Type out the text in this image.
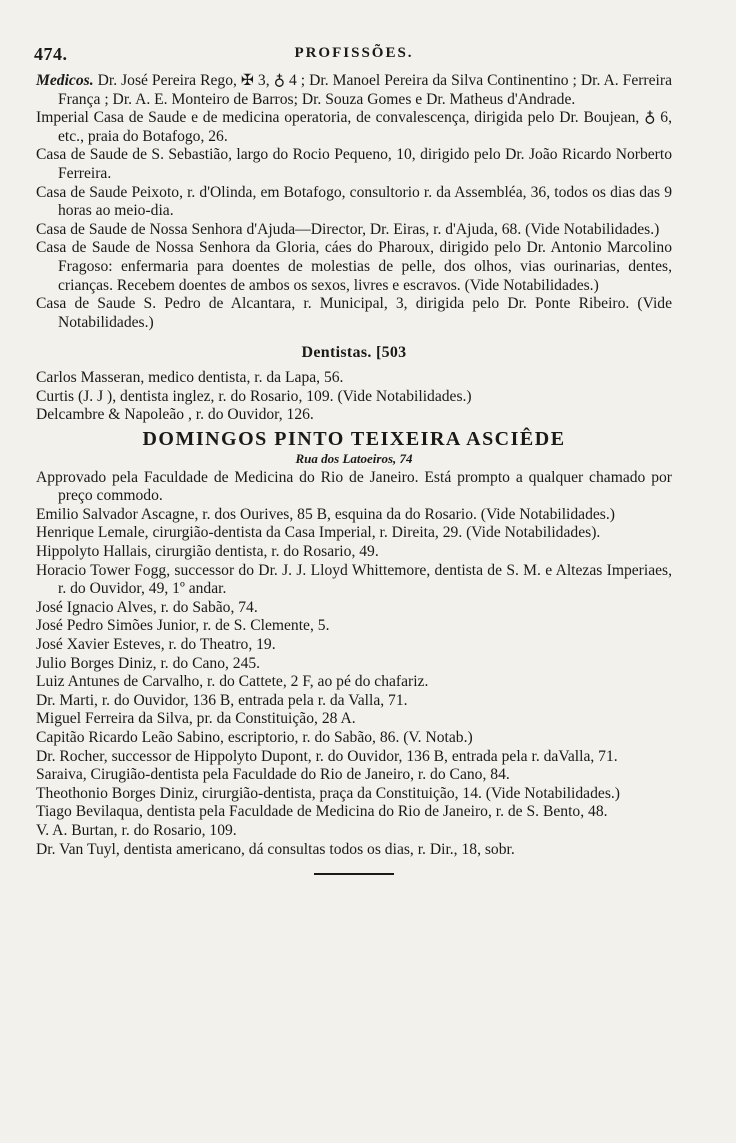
474.	PROFISSÕES.

Medicos. Dr. José Pereira Rego, ✠ 3, ♁ 4 ; Dr. Manoel Pereira da Silva Continentino ; Dr. A. Ferreira França ; Dr. A. E. Monteiro de Barros; Dr. Souza Gomes e Dr. Matheus d'Andrade.

Imperial Casa de Saude e de medicina operatoria, de convalescença, dirigida pelo Dr. Boujean, ♁ 6, etc., praia do Botafogo, 26.

Casa de Saude de S. Sebastião, largo do Rocio Pequeno, 10, dirigido pelo Dr. João Ricardo Norberto Ferreira.

Casa de Saude Peixoto, r. d'Olinda, em Botafogo, consultorio r. da Assembléa, 36, todos os dias das 9 horas ao meio-dia.

Casa de Saude de Nossa Senhora d'Ajuda—Director, Dr. Eiras, r. d'Ajuda, 68. (Vide Notabilidades.)

Casa de Saude de Nossa Senhora da Gloria, cáes do Pharoux, dirigido pelo Dr. Antonio Marcolino Fragoso: enfermaria para doentes de molestias de pelle, dos olhos, vias ourinarias, dentes, crianças. Recebem doentes de ambos os sexos, livres e escravos. (Vide Notabilidades.)

Casa de Saude S. Pedro de Alcantara, r. Municipal, 3, dirigida pelo Dr. Ponte Ribeiro. (Vide Notabilidades.)

Dentistas. [503

Carlos Masseran, medico dentista, r. da Lapa, 56.

Curtis (J. J ), dentista inglez, r. do Rosario, 109. (Vide Notabilidades.)

Delcambre & Napoleão , r. do Ouvidor, 126.

DOMINGOS PINTO TEIXEIRA ASCIÊDE
Rua dos Latoeiros, 74

Approvado pela Faculdade de Medicina do Rio de Janeiro. Está prompto a qualquer chamado por preço commodo.

Emilio Salvador Ascagne, r. dos Ourives, 85 B, esquina da do Rosario. (Vide Notabilidades.)

Henrique Lemale, cirurgião-dentista da Casa Imperial, r. Direita, 29. (Vide Notabilidades).

Hippolyto Hallais, cirurgião dentista, r. do Rosario, 49.

Horacio Tower Fogg, successor do Dr. J. J. Lloyd Whittemore, dentista de S. M. e Altezas Imperiaes, r. do Ouvidor, 49, 1º andar.

José Ignacio Alves, r. do Sabão, 74.

José Pedro Simões Junior, r. de S. Clemente, 5.

José Xavier Esteves, r. do Theatro, 19.

Julio Borges Diniz, r. do Cano, 245.

Luiz Antunes de Carvalho, r. do Cattete, 2 F, ao pé do chafariz.

Dr. Marti, r. do Ouvidor, 136 B, entrada pela r. da Valla, 71.

Miguel Ferreira da Silva, pr. da Constituição, 28 A.

Capitão Ricardo Leão Sabino, escriptorio, r. do Sabão, 86. (V. Notab.)

Dr. Rocher, successor de Hippolyto Dupont, r. do Ouvidor, 136 B, entrada pela r. daValla, 71.

Saraiva, Cirugião-dentista pela Faculdade do Rio de Janeiro, r. do Cano, 84.

Theothonio Borges Diniz, cirurgião-dentista, praça da Constituição, 14. (Vide Notabilidades.)

Tiago Bevilaqua, dentista pela Faculdade de Medicina do Rio de Janeiro, r. de S. Bento, 48.

V. A. Burtan, r. do Rosario, 109.

Dr. Van Tuyl, dentista americano, dá consultas todos os dias, r. Dir., 18, sobr.
